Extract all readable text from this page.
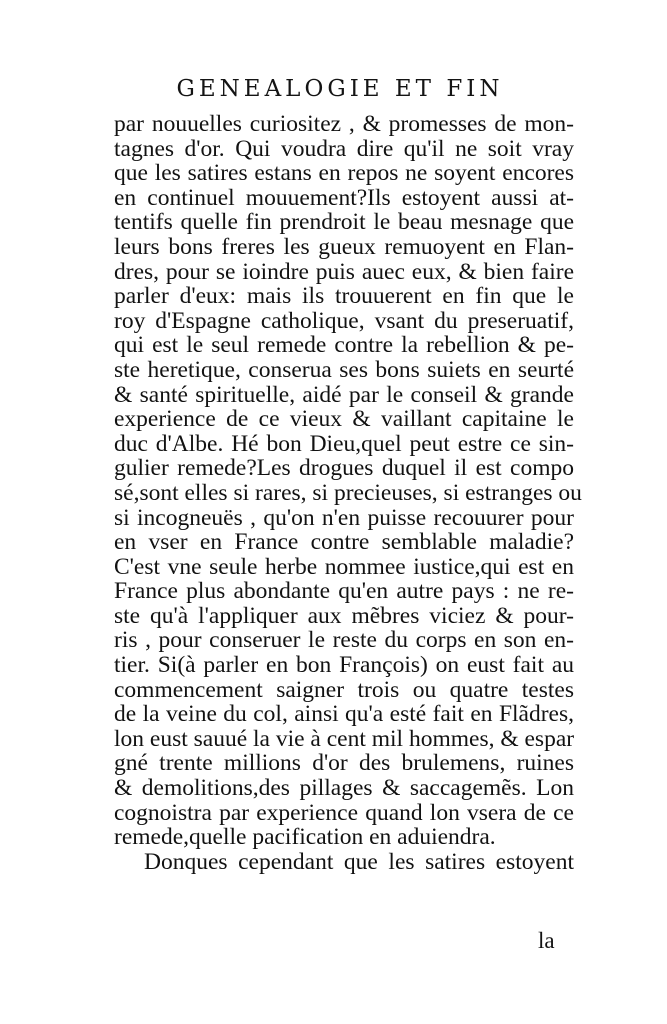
GENEALOGIE ET FIN
par nouuelles curiositez , & promesses de mon-
tagnes d'or. Qui voudra dire qu'il ne soit vray
que les satires estans en repos ne soyent encores
en continuel mouuement?Ils estoyent aussi at-
tentifs quelle fin prendroit le beau mesnage que
leurs bons freres les gueux remuoyent en Flan-
dres, pour se ioindre puis auec eux, & bien faire
parler d'eux: mais ils trouuerent en fin que le
roy d'Espagne catholique, vsant du preseruatif,
qui est le seul remede contre la rebellion & pe-
ste heretique, conserua ses bons suiets en seurté
& santé spirituelle, aidé par le conseil & grande
experience de ce vieux & vaillant capitaine le
duc d'Albe. Hé bon Dieu,quel peut estre ce sin-
gulier remede?Les drogues duquel il est compo
sé,sont elles si rares, si precieuses, si estranges ou
si incogneuës , qu'on n'en puisse recouurer pour
en vser en France contre semblable maladie?
C'est vne seule herbe nommee iustice,qui est en
France plus abondante qu'en autre pays : ne re-
ste qu'à l'appliquer aux mẽbres viciez & pour-
ris , pour conseruer le reste du corps en son en-
tier. Si(à parler en bon François) on eust fait au
commencement saigner trois ou quatre testes
de la veine du col, ainsi qu'a esté fait en Flãdres,
lon eust sauué la vie à cent mil hommes, & espar
gné trente millions d'or des brulemens, ruines
& demolitions,des pillages & saccagemẽs. Lon
cognoistra par experience quand lon vsera de ce
remede,quelle pacification en aduiendra.
Donques cependant que les satires estoyent
la
